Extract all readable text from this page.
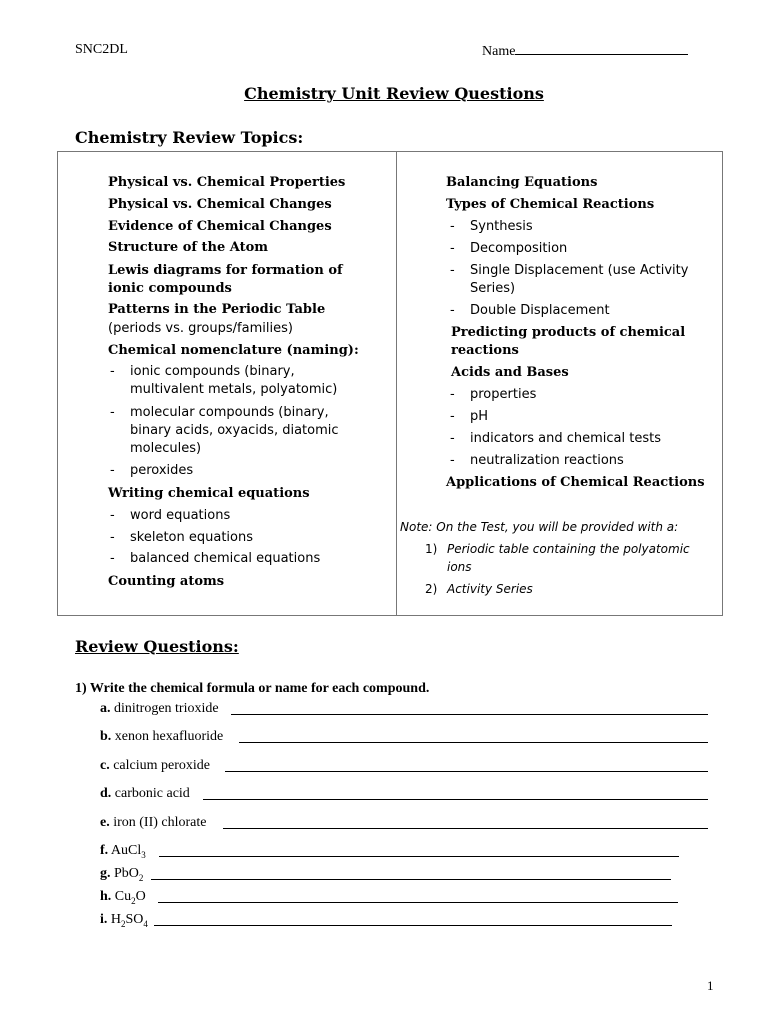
SNC2DL	Name
Chemistry Unit Review Questions
Chemistry Review Topics:
Physical vs. Chemical Properties
Physical vs. Chemical Changes
Evidence of Chemical Changes
Structure of the Atom
Lewis diagrams for formation of
ionic compounds
Patterns in the Periodic Table
(periods vs. groups/families)
Chemical nomenclature (naming):
- ionic compounds (binary,
multivalent metals, polyatomic)
- molecular compounds (binary,
binary acids, oxyacids, diatomic
molecules)
- peroxides
Writing chemical equations
- word equations
- skeleton equations
- balanced chemical equations
Counting atoms
Balancing Equations
Types of Chemical Reactions
- Synthesis
- Decomposition
- Single Displacement (use Activity
Series)
- Double Displacement
Predicting products of chemical
reactions
Acids and Bases
- properties
- pH
- indicators and chemical tests
- neutralization reactions
Applications of Chemical Reactions
Note: On the Test, you will be provided with a:
1) Periodic table containing the polyatomic
ions
2) Activity Series
Review Questions:
1) Write the chemical formula or name for each compound.
a. dinitrogen trioxide
b. xenon hexafluoride
c. calcium peroxide
d. carbonic acid
e. iron (II) chlorate
f. AuCl$_3$
g. PbO$_2$
h. $Cu_2O$
i. $H_2SO_4$
1
